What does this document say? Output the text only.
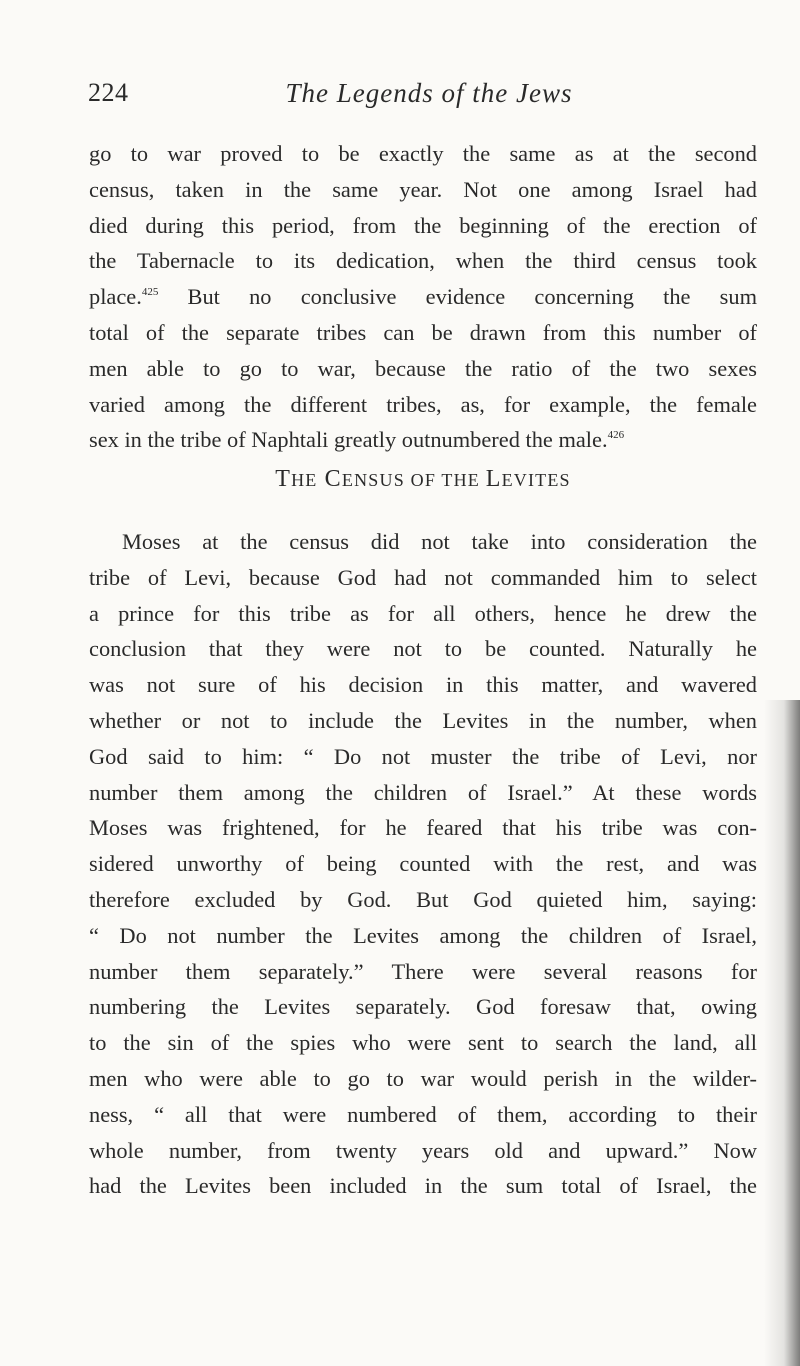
224	The Legends of the Jews
go to war proved to be exactly the same as at the second
census, taken in the same year. Not one among Israel had
died during this period, from the beginning of the erection of
the Tabernacle to its dedication, when the third census took
place.$^{425}$ But no conclusive evidence concerning the sum
total of the separate tribes can be drawn from this number of
men able to go to war, because the ratio of the two sexes
varied among the different tribes, as, for example, the female
sex in the tribe of Naphtali greatly outnumbered the male.$^{426}$
THE CENSUS OF THE LEVITES
Moses at the census did not take into consideration the
tribe of Levi, because God had not commanded him to select
a prince for this tribe as for all others, hence he drew the
conclusion that they were not to be counted. Naturally he
was not sure of his decision in this matter, and wavered
whether or not to include the Levites in the number, when
God said to him: “ Do not muster the tribe of Levi, nor
number them among the children of Israel.” At these words
Moses was frightened, for he feared that his tribe was con-
sidered unworthy of being counted with the rest, and was
therefore excluded by God. But God quieted him, saying:
“ Do not number the Levites among the children of Israel,
number them separately.” There were several reasons for
numbering the Levites separately. God foresaw that, owing
to the sin of the spies who were sent to search the land, all
men who were able to go to war would perish in the wilder-
ness, “ all that were numbered of them, according to their
whole number, from twenty years old and upward.” Now
had the Levites been included in the sum total of Israel, the
